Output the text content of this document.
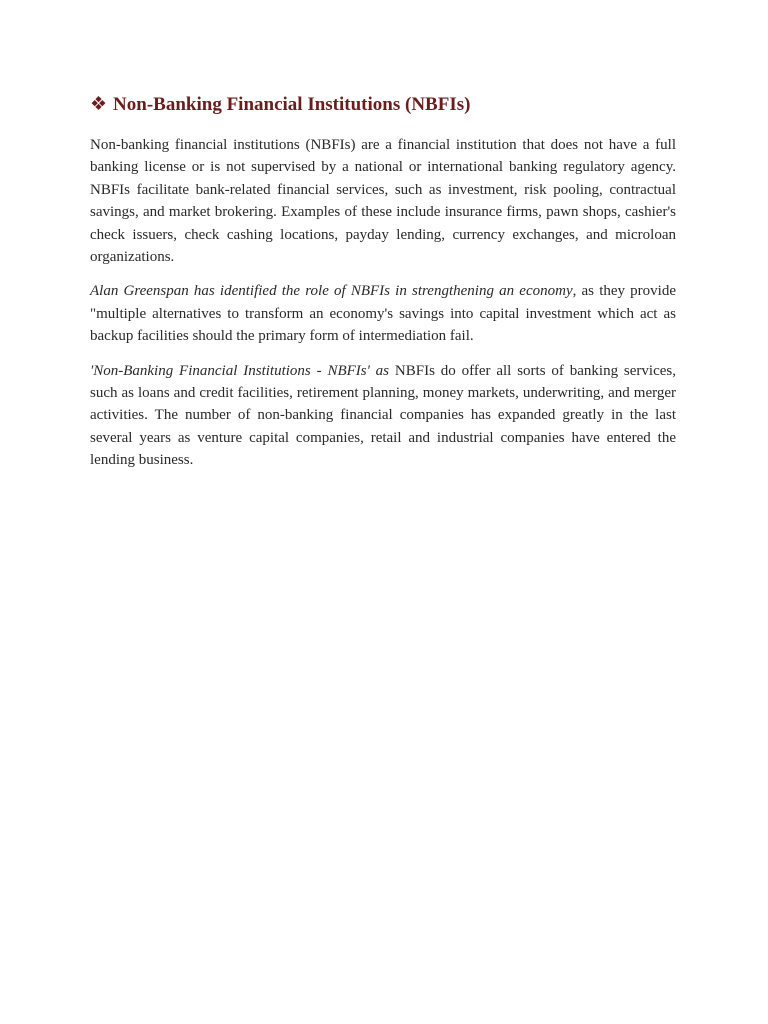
❖ Non-Banking Financial Institutions (NBFIs)

Non-banking financial institutions (NBFIs) are a financial institution that does not have a full banking license or is not supervised by a national or international banking regulatory agency. NBFIs facilitate bank-related financial services, such as investment, risk pooling, contractual savings, and market brokering. Examples of these include insurance firms, pawn shops, cashier's check issuers, check cashing locations, payday lending, currency exchanges, and microloan organizations.

Alan Greenspan has identified the role of NBFIs in strengthening an economy, as they provide "multiple alternatives to transform an economy's savings into capital investment which act as backup facilities should the primary form of intermediation fail.

'Non-Banking Financial Institutions - NBFIs' as NBFIs do offer all sorts of banking services, such as loans and credit facilities, retirement planning, money markets, underwriting, and merger activities. The number of non-banking financial companies has expanded greatly in the last several years as venture capital companies, retail and industrial companies have entered the lending business.
